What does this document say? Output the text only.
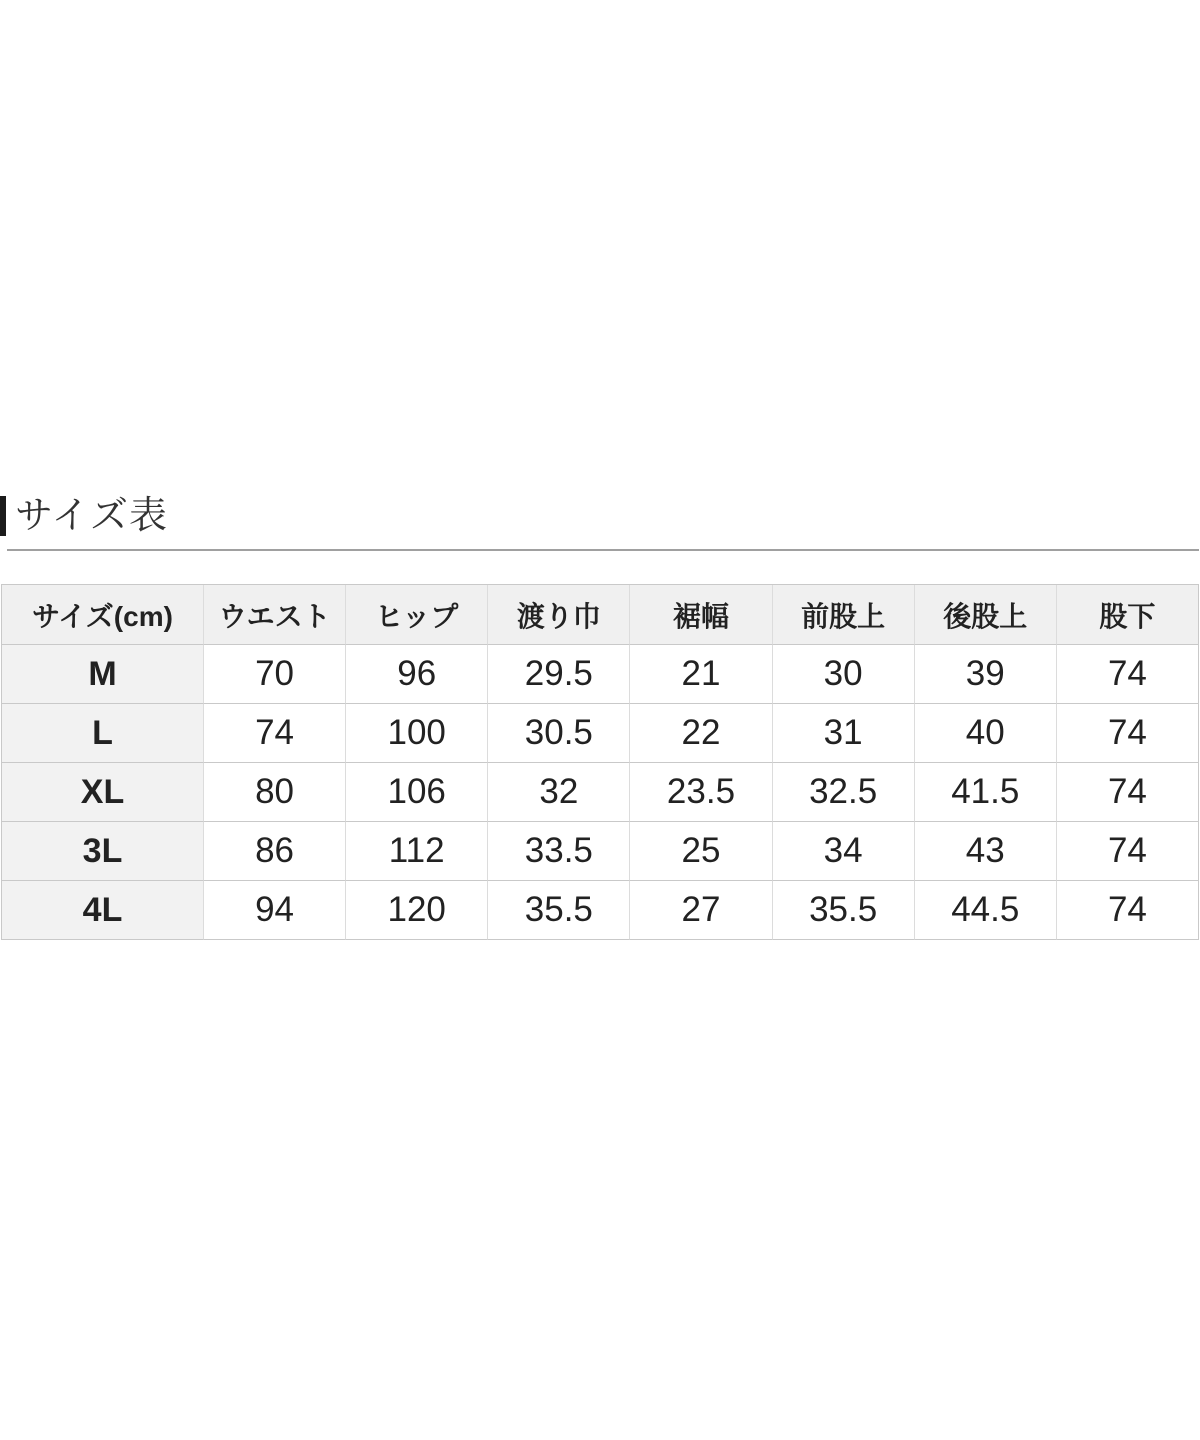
サイズ表
サイズ(cm)	ウエスト	ヒップ	渡り巾	裾幅	前股上	後股上	股下
M	70	96	29.5	21	30	39	74
L	74	100	30.5	22	31	40	74
XL	80	106	32	23.5	32.5	41.5	74
3L	86	112	33.5	25	34	43	74
4L	94	120	35.5	27	35.5	44.5	74
